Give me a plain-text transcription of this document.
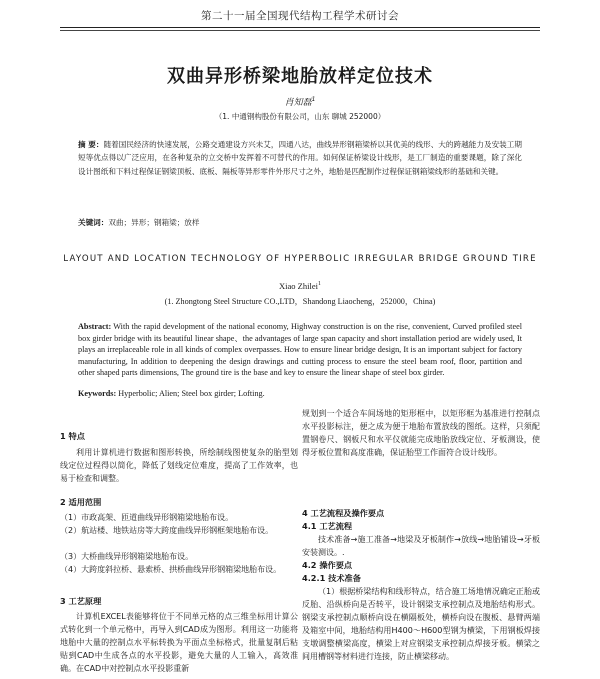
第二十一届全国现代结构工程学术研讨会
双曲异形桥梁地胎放样定位技术
肖知磊$^1$
（1. 中通钢构股份有限公司，山东 聊城 252000）
摘 要：随着国民经济的快速发展，公路交通建设方兴未艾，四通八达，曲线异形钢箱梁桥以其优美的线形、大的跨越能力及安装工期短等优点得以广泛应用，在各种复杂的立交桥中发挥着不可替代的作用。如何保证桥梁设计线形，是工厂制造的重要课题，除了深化设计图纸和下料过程保证钢梁顶板、底板、隔板等异形零件外形尺寸之外，地胎是匹配制作过程保证钢箱梁线形的基础和关键。
关键词：双曲；异形；钢箱梁；放样
LAYOUT AND LOCATION TECHNOLOGY OF HYPERBOLIC IRREGULAR BRIDGE GROUND TIRE
Xiao Zhilei$^1$
(1. Zhongtong Steel Structure CO.,LTD，Shandong Liaocheng，252000，China)
Abstract: With the rapid development of the national economy, Highway construction is on the rise, convenient, Curved profiled steel box girder bridge with its beautiful linear shape、the advantages of large span capacity and short installation period are widely used, It plays an irreplaceable role in all kinds of complex overpasses. How to ensure linear bridge design, It is an important subject for factory manufacturing, In addition to deepening the design drawings and cutting process to ensure the steel beam roof, floor, partition and other shaped parts dimensions, The ground tire is the base and key to ensure the linear shape of steel box girder.
Keywords: Hyperbolic; Alien; Steel box girder; Lofting.
1 特点
利用计算机进行数据和图形转换，所绘制线图使复杂的胎型划线定位过程得以简化，降低了划线定位难度，提高了工作效率，也易于检查和调整。
2 适用范围
（1）市政高架、匝道曲线异形钢箱梁地胎布设。
（2）航站楼、地铁站房等大跨度曲线异形钢框架地胎布设。
（3）大桥曲线异形钢箱梁地胎布设。
（4）大跨度斜拉桥、悬索桥、拱桥曲线异形钢箱梁地胎布设。
3 工艺原理
计算机EXCEL表能够将位于不同单元格的点三维坐标用计算公式转化到一个单元格中，再导入到CAD成为图形。利用这一功能将地胎中大量的控制点水平标转换为平面点坐标格式，批量复制后粘贴到CAD中生成各点的水平投影，避免大量的人工输入，高效准确。在CAD中对控制点水平投影重新
规划到一个适合车间场地的矩形框中，以矩形框为基准进行控制点水平投影标注，便之成为便于地胎布置放线的图纸。这样，只须配置钢卷尺、钢板尺和水平仪就能完成地胎放线定位、牙板测设，使得牙板位置和高度准确，保证胎型工作面符合设计线形。
4 工艺流程及操作要点
4.1 工艺流程
技术准备→施工准备→地梁及牙板制作→放线→地胎铺设→牙板安装测设。.
4.2 操作要点
4.2.1 技术准备
（1）根据桥梁结构和线形特点，结合施工场地情况确定正胎或反胎、沿纵桥向是否转平，设计钢梁支承控制点及地胎结构形式。钢梁支承控制点顺桥向设在横隔板处，横桥向设在腹板、悬臂两端及箱室中间，地胎结构用H400～H600型钢为横梁，下用钢板焊接支墩调整横梁高度，横梁上对应钢梁支承控制点焊接牙板。横梁之间用槽钢等材料进行连接，防止横梁移动。
